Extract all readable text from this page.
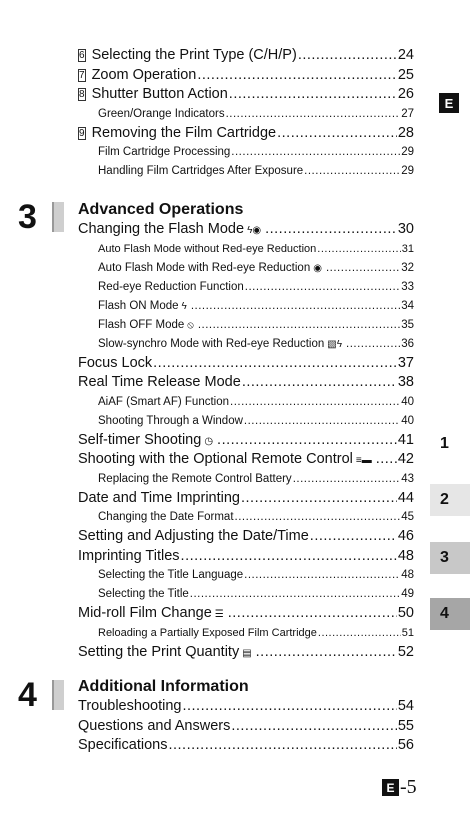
E
6 Selecting the Print Type (C/H/P) .....	24
7 Zoom Operation .....	25
8 Shutter Button Action .....	26
Green/Orange Indicators .....	27
9 Removing the Film Cartridge .....	28
Film Cartridge Processing .....	29
Handling Film Cartridges After Exposure .....	29
3	Advanced Operations
Changing the Flash Mode ϟ◉ .....	30
Auto Flash Mode without Red-eye Reduction .....	31
Auto Flash Mode with Red-eye Reduction ◉ .....	32
Red-eye Reduction Function .....	33
Flash ON Mode ϟ .....	34
Flash OFF Mode ⦸ .....	35
Slow-synchro Mode with Red-eye Reduction ▧ϟ .....	36
Focus Lock .....	37
Real Time Release Mode .....	38
AiAF (Smart AF) Function .....	40
Shooting Through a Window .....	40
Self-timer Shooting ◷ .....	41
Shooting with the Optional Remote Control ≡▬ ..... 42
Replacing the Remote Control Battery .....	43
Date and Time Imprinting .....	44
Changing the Date Format .....	45
Setting and Adjusting the Date/Time .....	46
Imprinting Titles .....	48
Selecting the Title Language .....	48
Selecting the Title .....	49
Mid-roll Film Change ☰ .....	50
Reloading a Partially Exposed Film Cartridge .....	51
Setting the Print Quantity ▤ .....	52
4	Additional Information
Troubleshooting .....	54
Questions and Answers .....	55
Specifications .....	56
1
2
3
4
E -5
